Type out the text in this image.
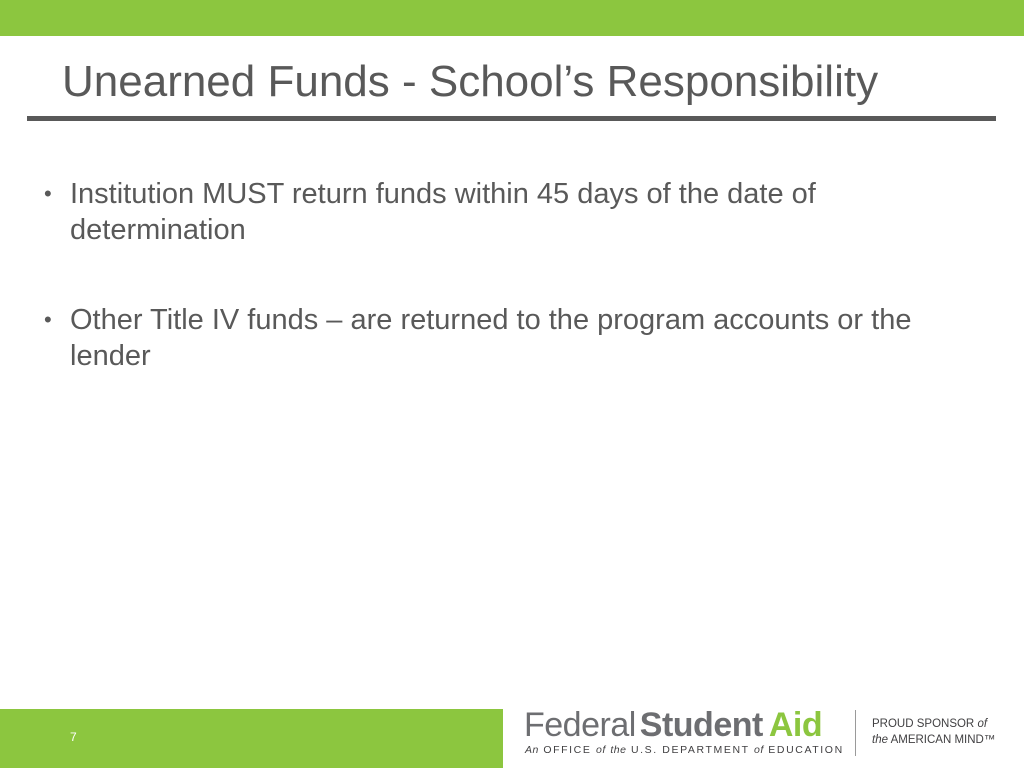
Unearned Funds - School’s Responsibility
• Institution MUST return funds within 45 days of the date of determination
• Other Title IV funds – are returned to the program accounts or the lender
7	Federal Student Aid
An OFFICE of the U.S. DEPARTMENT of EDUCATION
PROUD SPONSOR of
the AMERICAN MIND™
